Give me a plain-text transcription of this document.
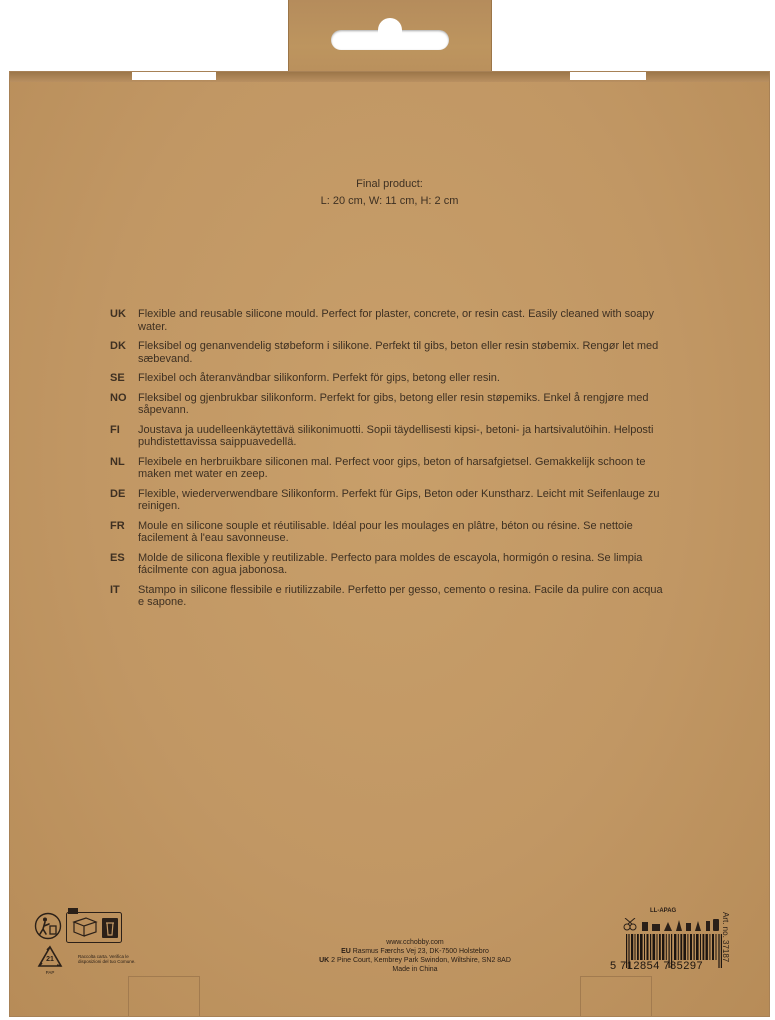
Final product:
L: 20 cm, W: 11 cm, H: 2 cm
UK	Flexible and reusable silicone mould. Perfect for plaster, concrete, or resin cast. Easily cleaned with soapy water.
DK	Fleksibel og genanvendelig støbeform i silikone. Perfekt til gibs, beton eller resin støbemix. Rengør let med sæbevand.
SE	Flexibel och återanvändbar silikonform. Perfekt för gips, betong eller resin.
NO	Fleksibel og gjenbrukbar silikonform. Perfekt for gibs, betong eller resin støpemiks. Enkel å rengjøre med såpevann.
FI	Joustava ja uudelleenkäytettävä silikonimuotti. Sopii täydellisesti kipsi-, betoni- ja hartsivalutöihin. Helposti puhdistettavissa saippuavedellä.
NL	Flexibele en herbruikbare siliconen mal. Perfect voor gips, beton of harsafgietsel. Gemakkelijk schoon te maken met water en zeep.
DE	Flexible, wiederverwendbare Silikonform. Perfekt für Gips, Beton oder Kunstharz. Leicht mit Seifenlauge zu reinigen.
FR	Moule en silicone souple et réutilisable. Idéal pour les moulages en plâtre, béton ou résine. Se nettoie facilement à l'eau savonneuse.
ES	Molde de silicona flexible y reutilizable. Perfecto para moldes de escayola, hormigón o resina. Se limpia fácilmente con agua jabonosa.
IT	Stampo in silicone flessibile e riutilizzabile. Perfetto per gesso, cemento o resina. Facile da pulire con acqua e sapone.
21
PAP
Raccolta carta. Verifica le disposizioni del tuo Comune.
www.cchobby.com
EU Rasmus Færchs Vej 23, DK-7500 Holstebro
UK 2 Pine Court, Kembrey Park Swindon, Wiltshire, SN2 8AD
Made in China
LL-APAG
5 712854 785297
Art. no. 37187
